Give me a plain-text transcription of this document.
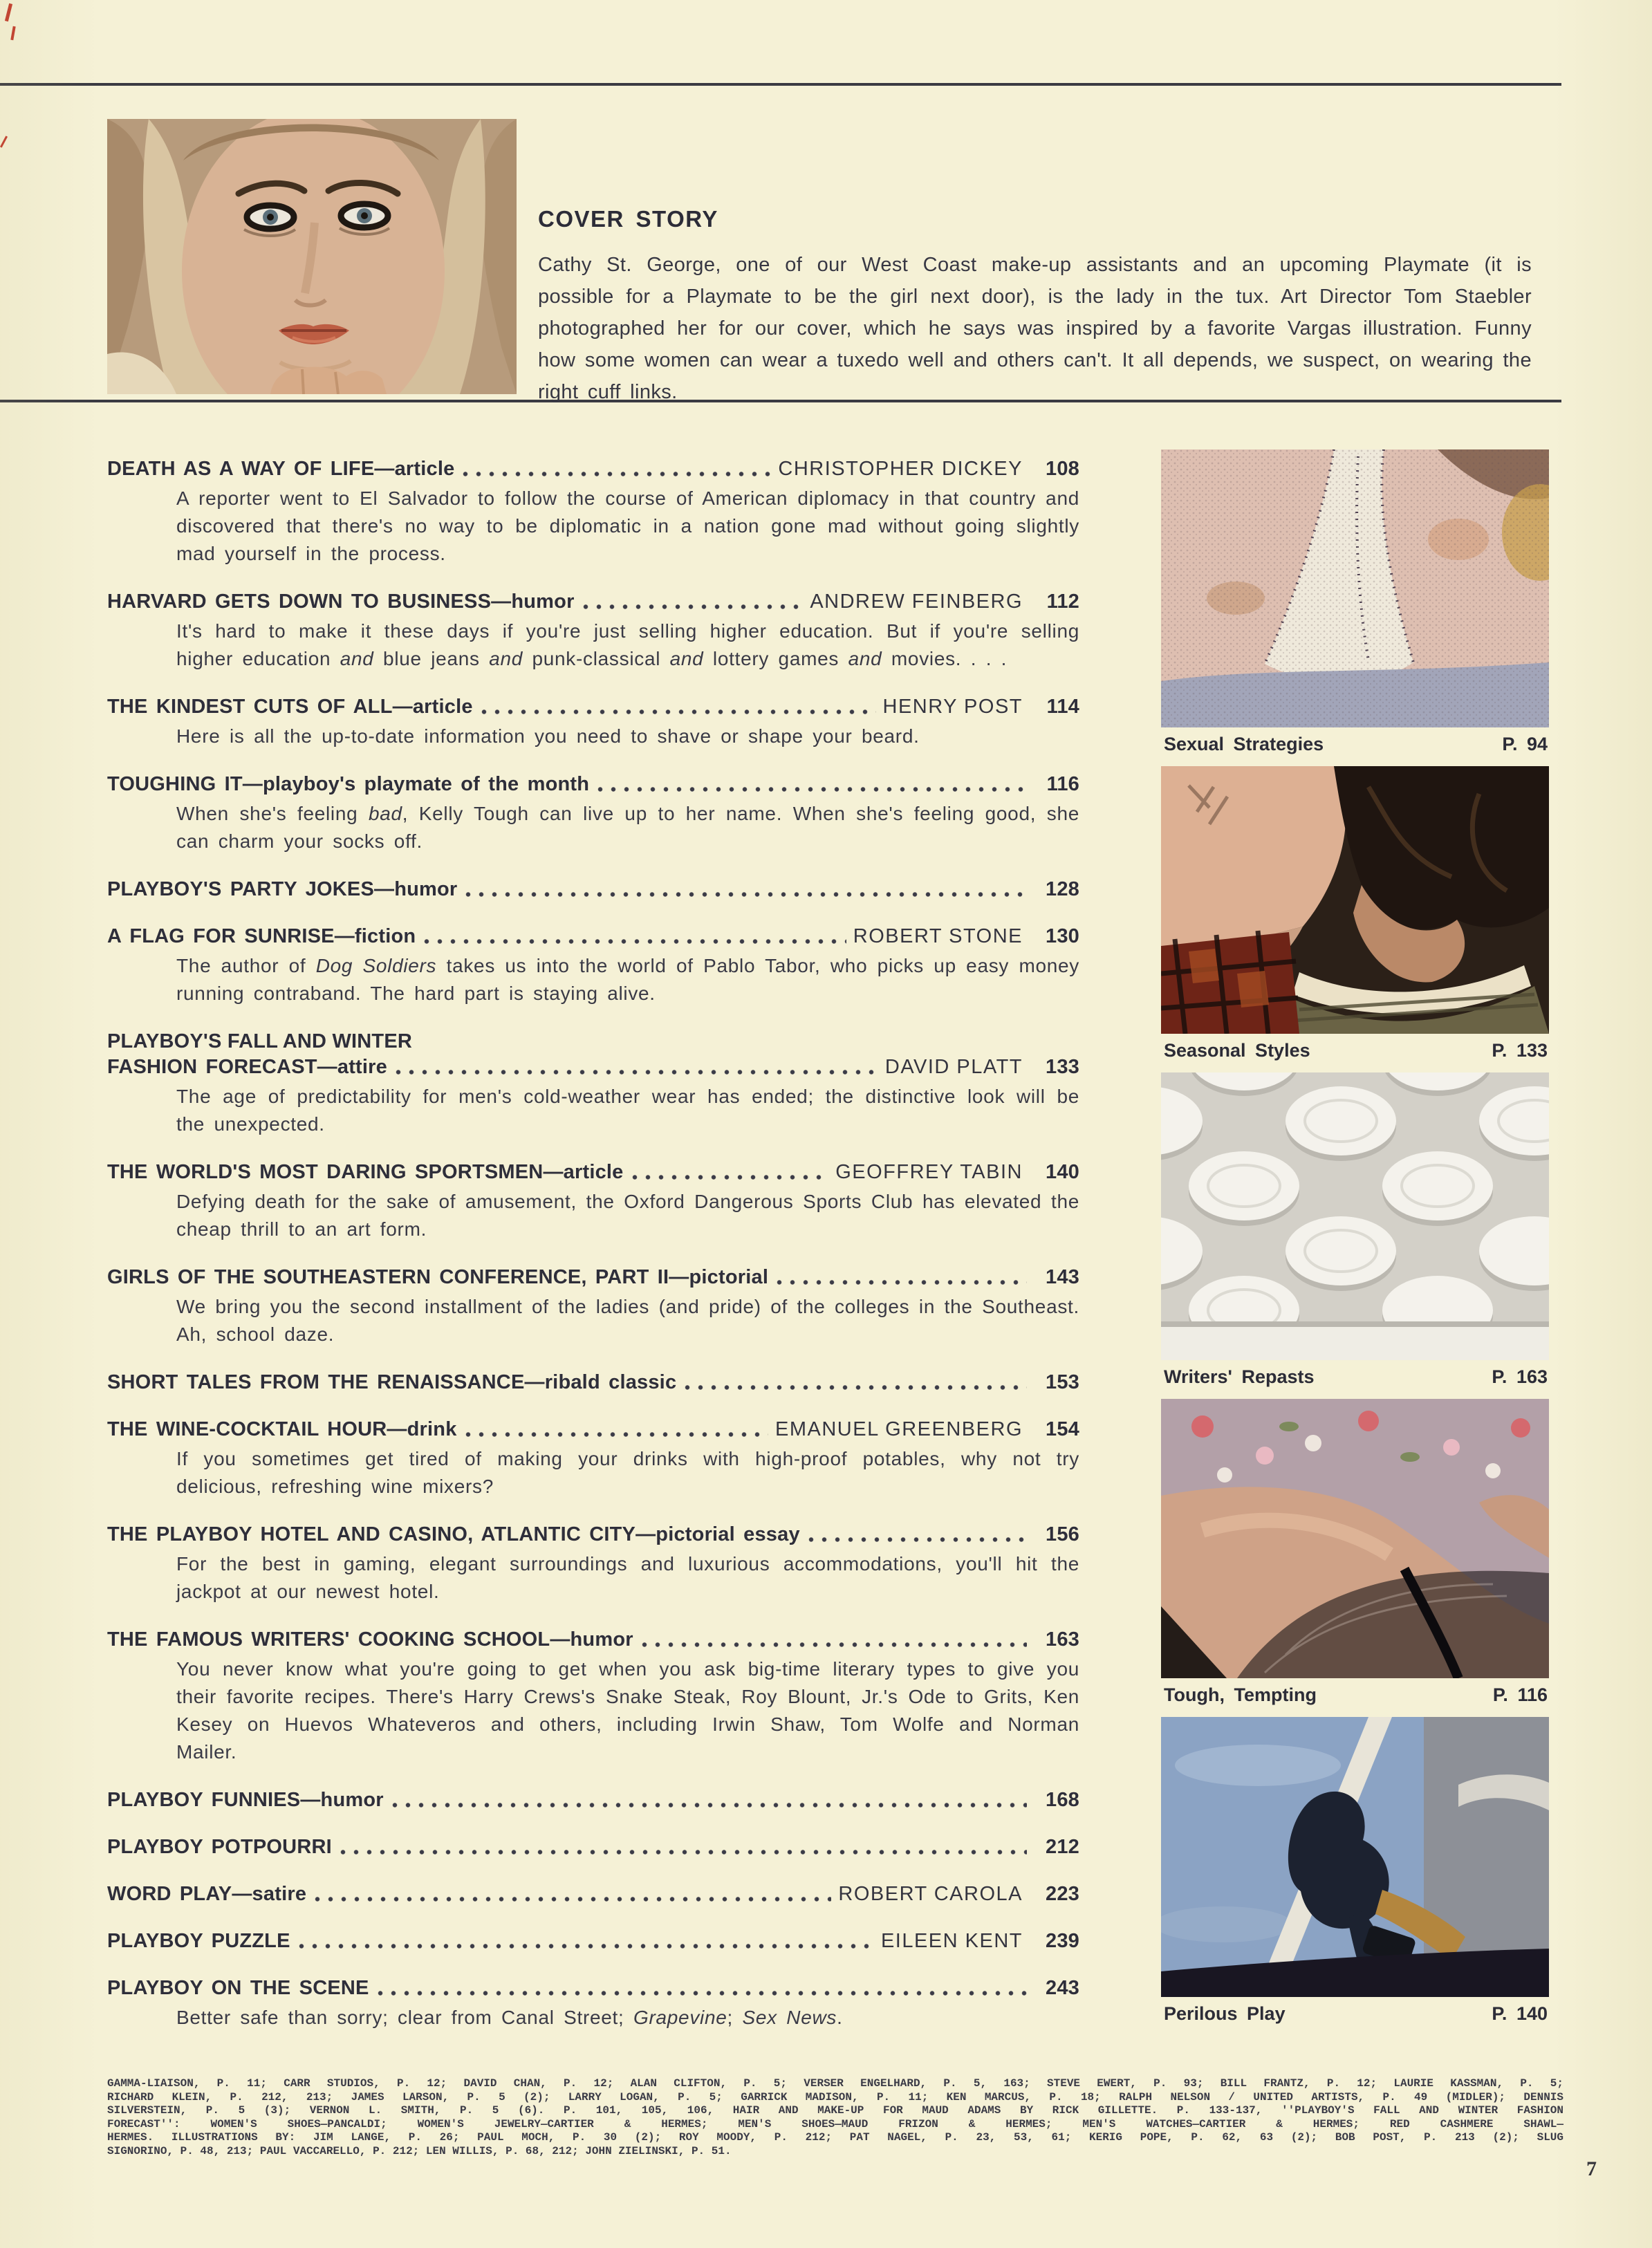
COVER STORY

Cathy St. George, one of our West Coast make-up assistants and an upcoming Playmate (it is possible for a Playmate to be the girl next door), is the lady in the tux. Art Director Tom Staebler photographed her for our cover, which he says was inspired by a favorite Vargas illustration. Funny how some women can wear a tuxedo well and others can't. It all depends, we suspect, on wearing the right cuff links.

DEATH AS A WAY OF LIFE—article	CHRISTOPHER DICKEY	108
A reporter went to El Salvador to follow the course of American diplomacy in that country and discovered that there's no way to be diplomatic in a nation gone mad without going slightly mad yourself in the process.
HARVARD GETS DOWN TO BUSINESS—humor	ANDREW FEINBERG	112
It's hard to make it these days if you're just selling higher education. But if you're selling higher education and blue jeans and punk-classical and lottery games and movies. . . .
THE KINDEST CUTS OF ALL—article	HENRY POST	114
Here is all the up-to-date information you need to shave or shape your beard.
TOUGHING IT—playboy's playmate of the month	116
When she's feeling bad, Kelly Tough can live up to her name. When she's feeling good, she can charm your socks off.
PLAYBOY'S PARTY JOKES—humor	128
A FLAG FOR SUNRISE—fiction	ROBERT STONE	130
The author of Dog Soldiers takes us into the world of Pablo Tabor, who picks up easy money running contraband. The hard part is staying alive.
PLAYBOY'S FALL AND WINTER
FASHION FORECAST—attire	DAVID PLATT	133
The age of predictability for men's cold-weather wear has ended; the distinctive look will be the unexpected.
THE WORLD'S MOST DARING SPORTSMEN—article	GEOFFREY TABIN	140
Defying death for the sake of amusement, the Oxford Dangerous Sports Club has elevated the cheap thrill to an art form.
GIRLS OF THE SOUTHEASTERN CONFERENCE, PART II—pictorial	143
We bring you the second installment of the ladies (and pride) of the colleges in the Southeast. Ah, school daze.
SHORT TALES FROM THE RENAISSANCE—ribald classic	153
THE WINE-COCKTAIL HOUR—drink	EMANUEL GREENBERG	154
If you sometimes get tired of making your drinks with high-proof potables, why not try delicious, refreshing wine mixers?
THE PLAYBOY HOTEL AND CASINO, ATLANTIC CITY—pictorial essay	156
For the best in gaming, elegant surroundings and luxurious accommodations, you'll hit the jackpot at our newest hotel.
THE FAMOUS WRITERS' COOKING SCHOOL—humor	163
You never know what you're going to get when you ask big-time literary types to give you their favorite recipes. There's Harry Crews's Snake Steak, Roy Blount, Jr.'s Ode to Grits, Ken Kesey on Huevos Whateveros and others, including Irwin Shaw, Tom Wolfe and Norman Mailer.
PLAYBOY FUNNIES—humor	168
PLAYBOY POTPOURRI	212
WORD PLAY—satire	ROBERT CAROLA	223
PLAYBOY PUZZLE	EILEEN KENT	239
PLAYBOY ON THE SCENE	243
Better safe than sorry; clear from Canal Street; Grapevine; Sex News.
Sexual Strategies	P. 94
Seasonal Styles	P. 133
Writers' Repasts	P. 163
Tough, Tempting	P. 116
Perilous Play	P. 140
GAMMA-LIAISON, P. 11; CARR STUDIOS, P. 12; DAVID CHAN, P. 12; ALAN CLIFTON, P. 5; VERSER ENGELHARD, P. 5, 163; STEVE EWERT, P. 93; BILL FRANTZ, P. 12; LAURIE KASSMAN, P. 5;
RICHARD KLEIN, P. 212, 213; JAMES LARSON, P. 5 (2); LARRY LOGAN, P. 5; GARRICK MADISON, P. 11; KEN MARCUS, P. 18; RALPH NELSON / UNITED ARTISTS, P. 49 (MIDLER); DENNIS
SILVERSTEIN, P. 5 (3); VERNON L. SMITH, P. 5 (6). P. 101, 105, 106, HAIR AND MAKE-UP FOR MAUD ADAMS BY RICK GILLETTE. P. 133-137, ''PLAYBOY'S FALL AND WINTER FASHION
FORECAST'': WOMEN'S SHOES—PANCALDI; WOMEN'S JEWELRY—CARTIER & HERMES; MEN'S SHOES—MAUD FRIZON & HERMES; MEN'S WATCHES—CARTIER & HERMES; RED CASHMERE SHAWL—
HERMES. ILLUSTRATIONS BY: JIM LANGE, P. 26; PAUL MOCH, P. 30 (2); ROY MOODY, P. 212; PAT NAGEL, P. 23, 53, 61; KERIG POPE, P. 62, 63 (2); BOB POST, P. 213 (2); SLUG
SIGNORINO, P. 48, 213; PAUL VACCARELLO, P. 212; LEN WILLIS, P. 68, 212; JOHN ZIELINSKI, P. 51.
7
